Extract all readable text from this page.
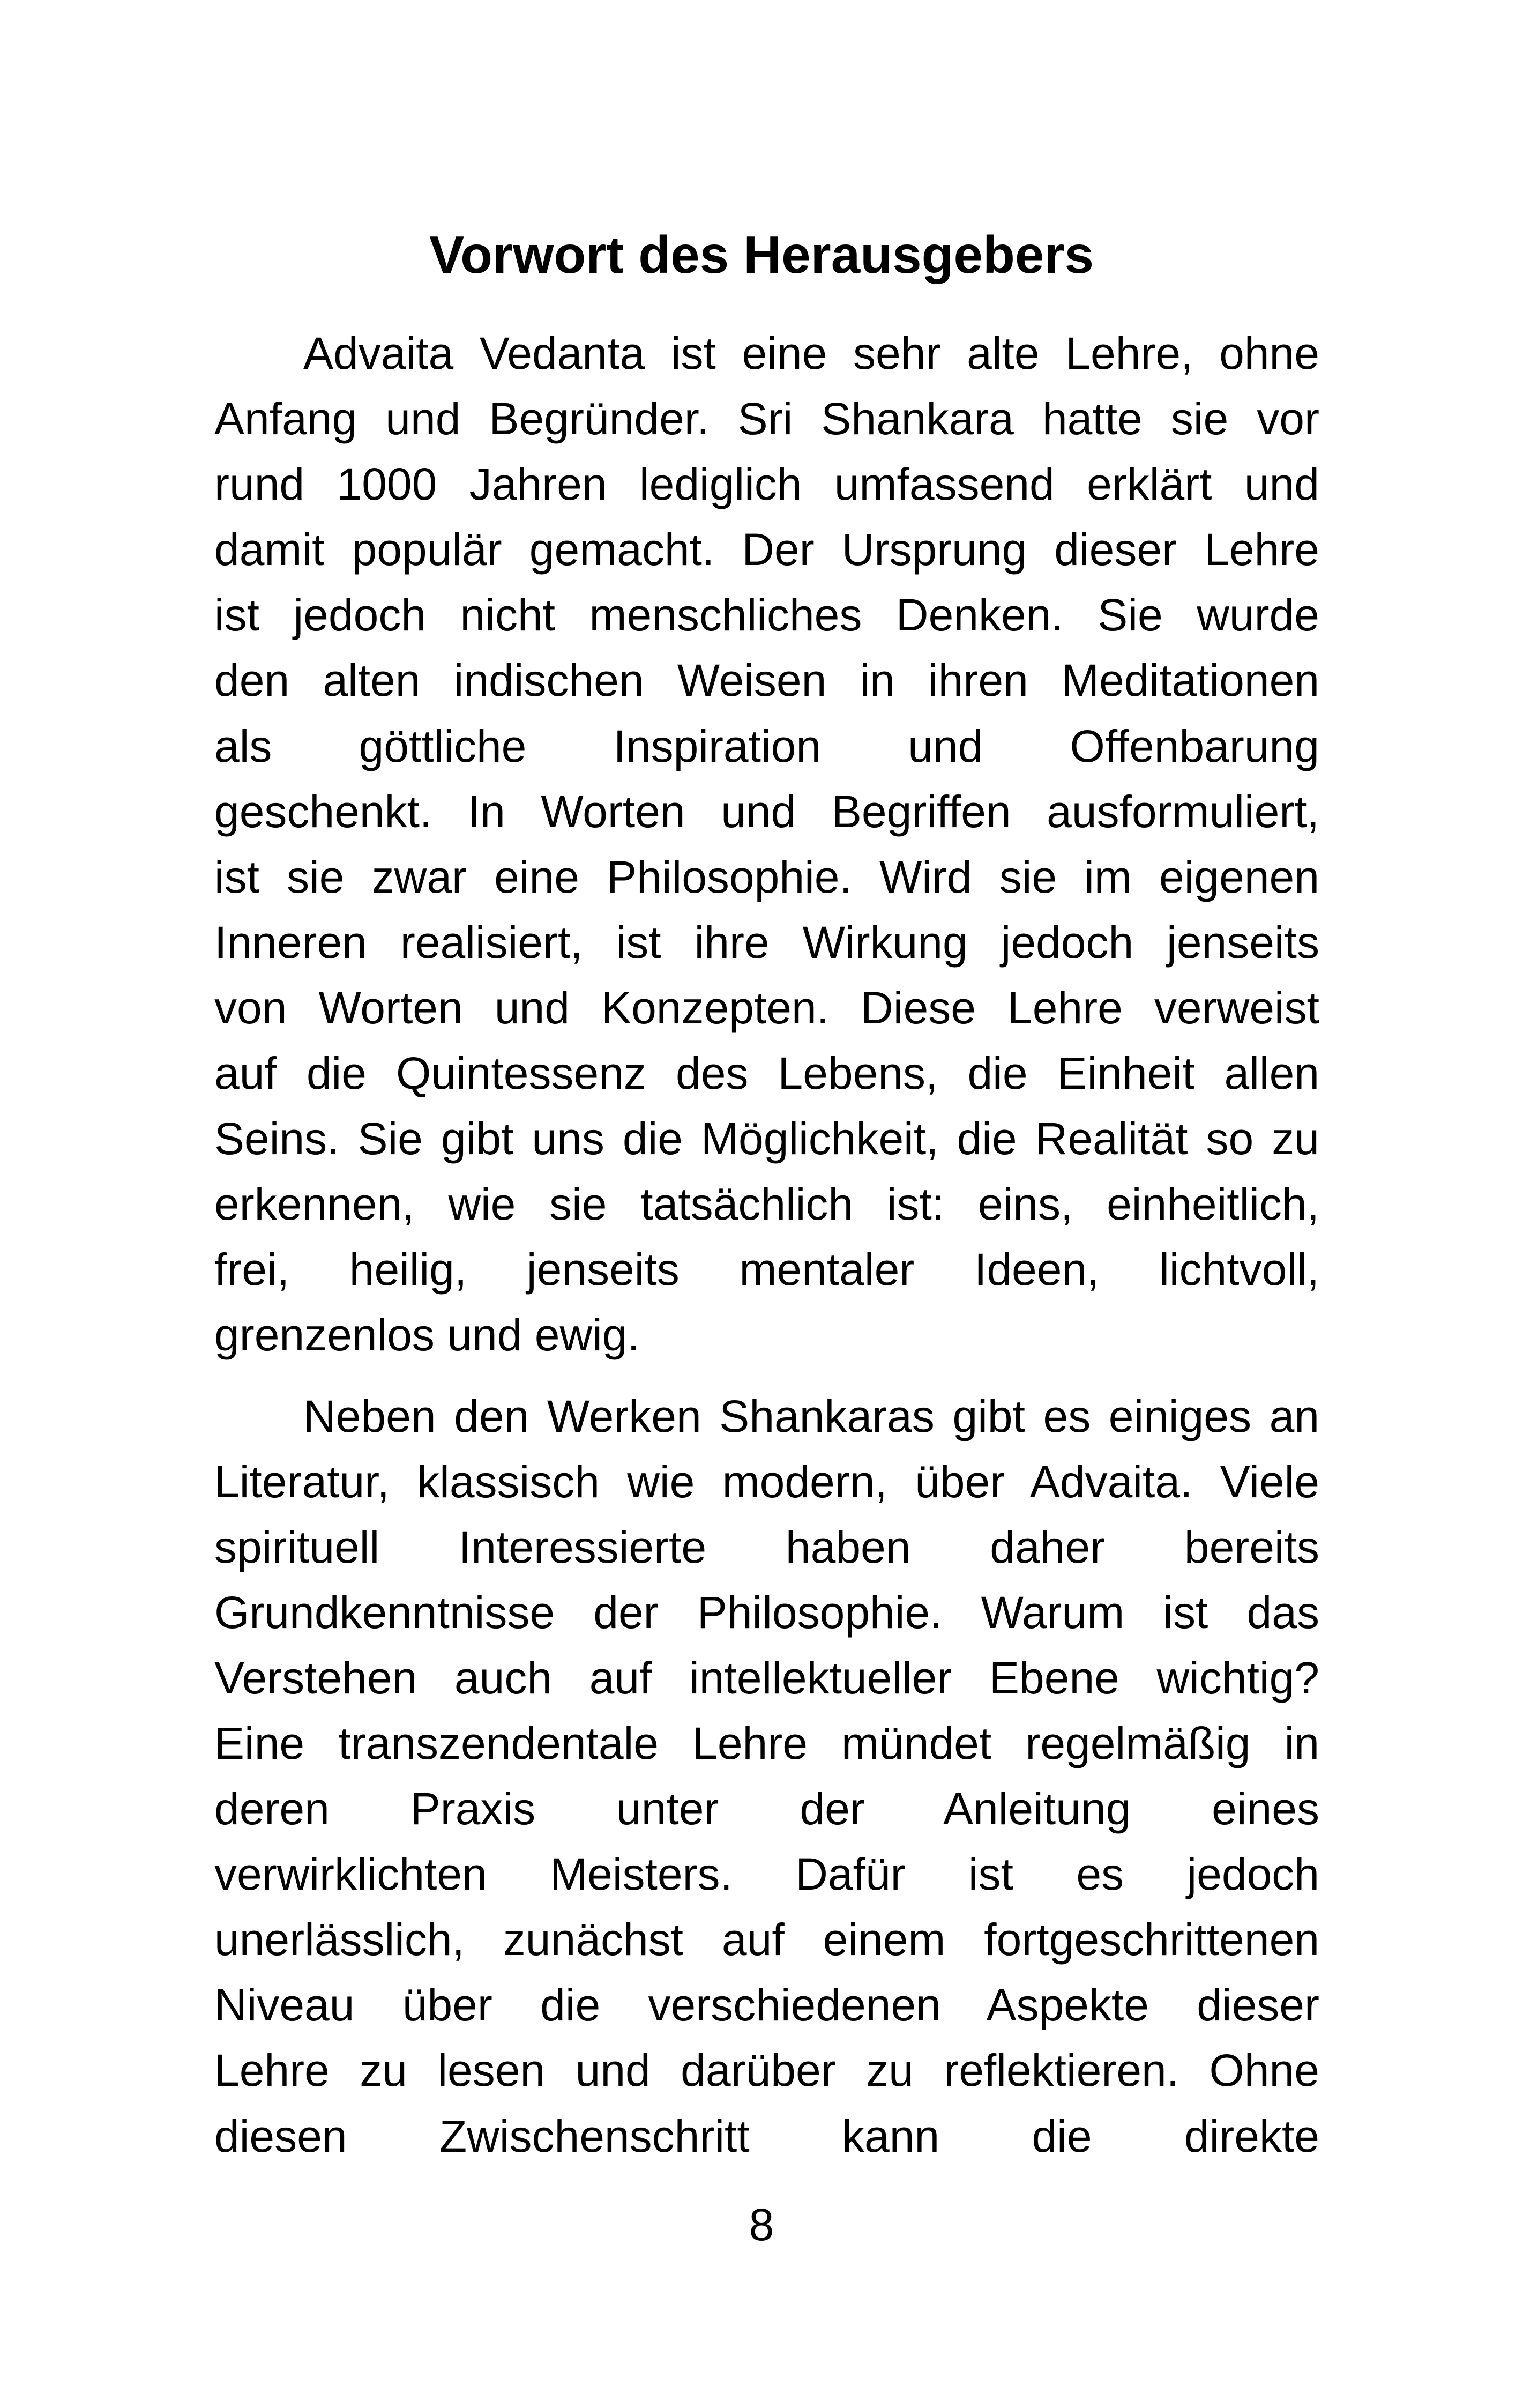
Vorwort des Herausgebers

Advaita Vedanta ist eine sehr alte Lehre, ohne
Anfang und Begründer. Sri Shankara hatte sie vor
rund 1000 Jahren lediglich umfassend erklärt und
damit populär gemacht. Der Ursprung dieser Lehre
ist jedoch nicht menschliches Denken. Sie wurde
den alten indischen Weisen in ihren Meditationen
als göttliche Inspiration und Offenbarung
geschenkt. In Worten und Begriffen ausformuliert,
ist sie zwar eine Philosophie. Wird sie im eigenen
Inneren realisiert, ist ihre Wirkung jedoch jenseits
von Worten und Konzepten. Diese Lehre verweist
auf die Quintessenz des Lebens, die Einheit allen
Seins. Sie gibt uns die Möglichkeit, die Realität so zu
erkennen, wie sie tatsächlich ist: eins, einheitlich,
frei, heilig, jenseits mentaler Ideen, lichtvoll,
grenzenlos und ewig.

Neben den Werken Shankaras gibt es einiges an
Literatur, klassisch wie modern, über Advaita. Viele
spirituell Interessierte haben daher bereits
Grundkenntnisse der Philosophie. Warum ist das
Verstehen auch auf intellektueller Ebene wichtig?
Eine transzendentale Lehre mündet regelmäßig in
deren Praxis unter der Anleitung eines
verwirklichten Meisters. Dafür ist es jedoch
unerlässlich, zunächst auf einem fortgeschrittenen
Niveau über die verschiedenen Aspekte dieser
Lehre zu lesen und darüber zu reflektieren. Ohne
diesen Zwischenschritt kann die direkte

8
